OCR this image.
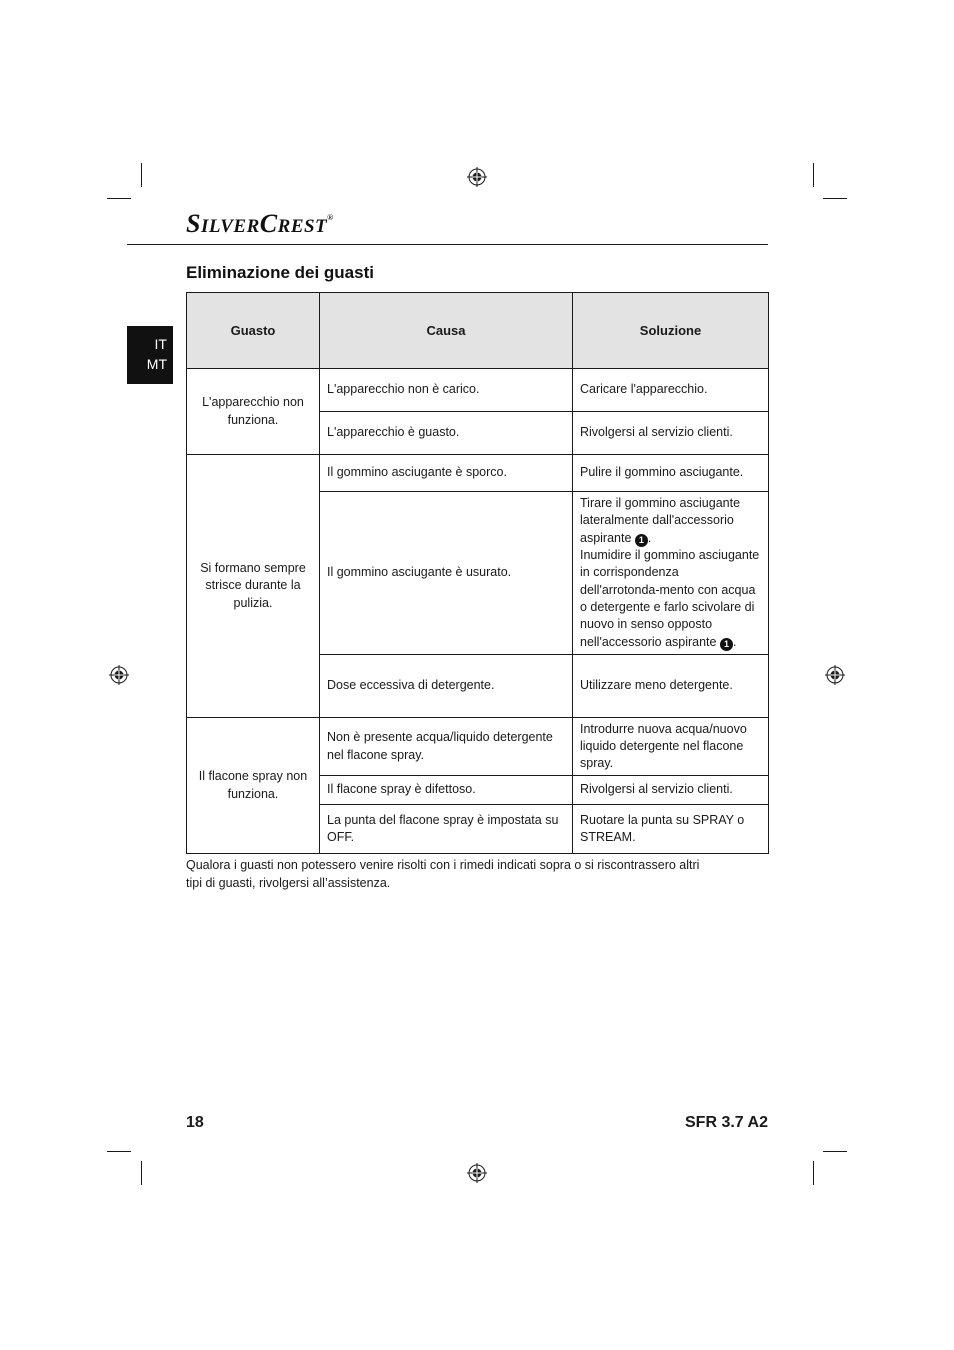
SILVERCREST®
Eliminazione dei guasti
IT
MT
Guasto	Causa	Soluzione
L'apparecchio non funziona.	L'apparecchio non è carico.	Caricare l'apparecchio.
	L'apparecchio è guasto.	Rivolgersi al servizio clienti.
Si formano sempre strisce durante la pulizia.	Il gommino asciugante è sporco.	Pulire il gommino asciugante.
	Il gommino asciugante è usurato.	Tirare il gommino asciugante lateralmente dall'accessorio aspirante 1 .
Inumidire il gommino asciugante in corrispondenza dell'arrotonda-mento con acqua o detergente e farlo scivolare di nuovo in senso opposto nell'accessorio aspirante 1 .
	Dose eccessiva di detergente.	Utilizzare meno detergente.
Il flacone spray non funziona.	Non è presente acqua/liquido detergente nel flacone spray.	Introdurre nuova acqua/nuovo liquido detergente nel flacone spray.
	Il flacone spray è difettoso.	Rivolgersi al servizio clienti.
	La punta del flacone spray è impostata su OFF.	Ruotare la punta su SPRAY o STREAM.

Qualora i guasti non potessero venire risolti con i rimedi indicati sopra o si riscontrassero altri tipi di guasti, rivolgersi all’assistenza.

18	SFR 3.7 A2
